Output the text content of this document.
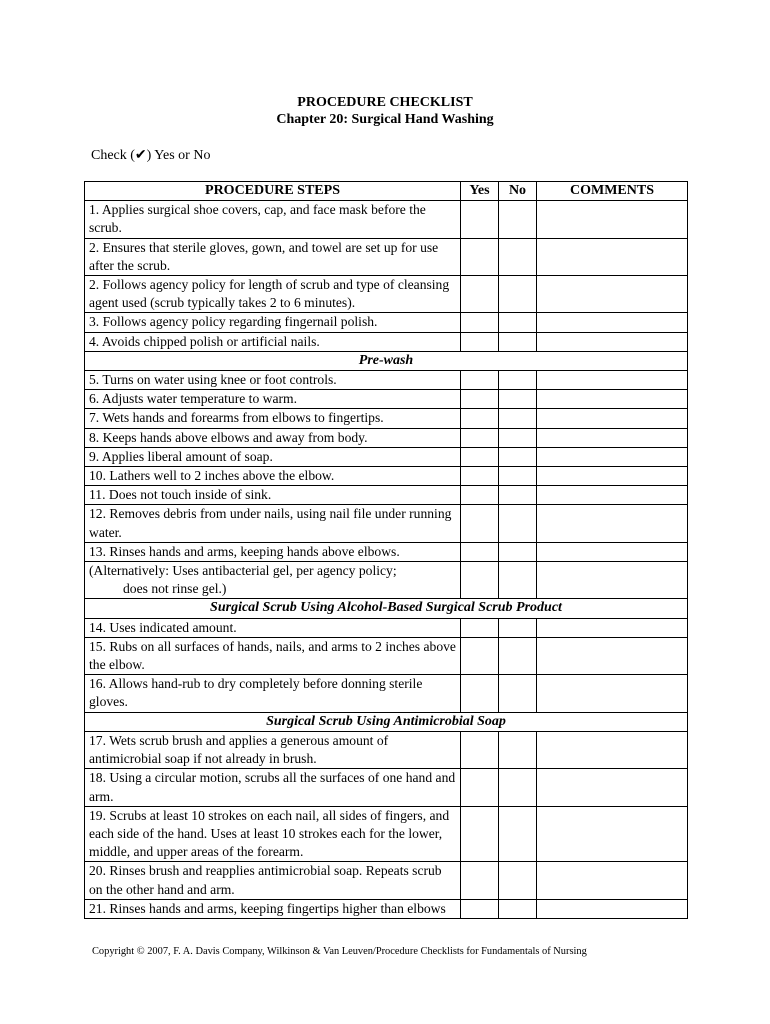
PROCEDURE CHECKLIST
Chapter 20: Surgical Hand Washing
Check (✔) Yes or No
PROCEDURE STEPS	Yes	No	COMMENTS
1. Applies surgical shoe covers, cap, and face mask before the scrub.			
2. Ensures that sterile gloves, gown, and towel are set up for use after the scrub.			
2. Follows agency policy for length of scrub and type of cleansing agent used (scrub typically takes 2 to 6 minutes).			
3. Follows agency policy regarding fingernail polish.			
4. Avoids chipped polish or artificial nails.			
Pre-wash			
5. Turns on water using knee or foot controls.			
6. Adjusts water temperature to warm.			
7. Wets hands and forearms from elbows to fingertips.			
8. Keeps hands above elbows and away from body.			
9. Applies liberal amount of soap.			
10. Lathers well to 2 inches above the elbow.			
11. Does not touch inside of sink.			
12. Removes debris from under nails, using nail file under running water.			
13. Rinses hands and arms, keeping hands above elbows.			
(Alternatively: Uses antibacterial gel, per agency policy;
does not rinse gel.)			
Surgical Scrub Using Alcohol-Based Surgical Scrub Product			
14. Uses indicated amount.			
15. Rubs on all surfaces of hands, nails, and arms to 2 inches above the elbow.			
16. Allows hand-rub to dry completely before donning sterile gloves.			
Surgical Scrub Using Antimicrobial Soap			
17. Wets scrub brush and applies a generous amount of antimicrobial soap if not already in brush.			
18. Using a circular motion, scrubs all the surfaces of one hand and arm.			
19. Scrubs at least 10 strokes on each nail, all sides of fingers, and each side of the hand. Uses at least 10 strokes each for the lower, middle, and upper areas of the forearm.			
20. Rinses brush and reapplies antimicrobial soap. Repeats scrub on the other hand and arm.			
21. Rinses hands and arms, keeping fingertips higher than elbows			
Copyright © 2007, F. A. Davis Company, Wilkinson & Van Leuven/Procedure Checklists for Fundamentals of Nursing
